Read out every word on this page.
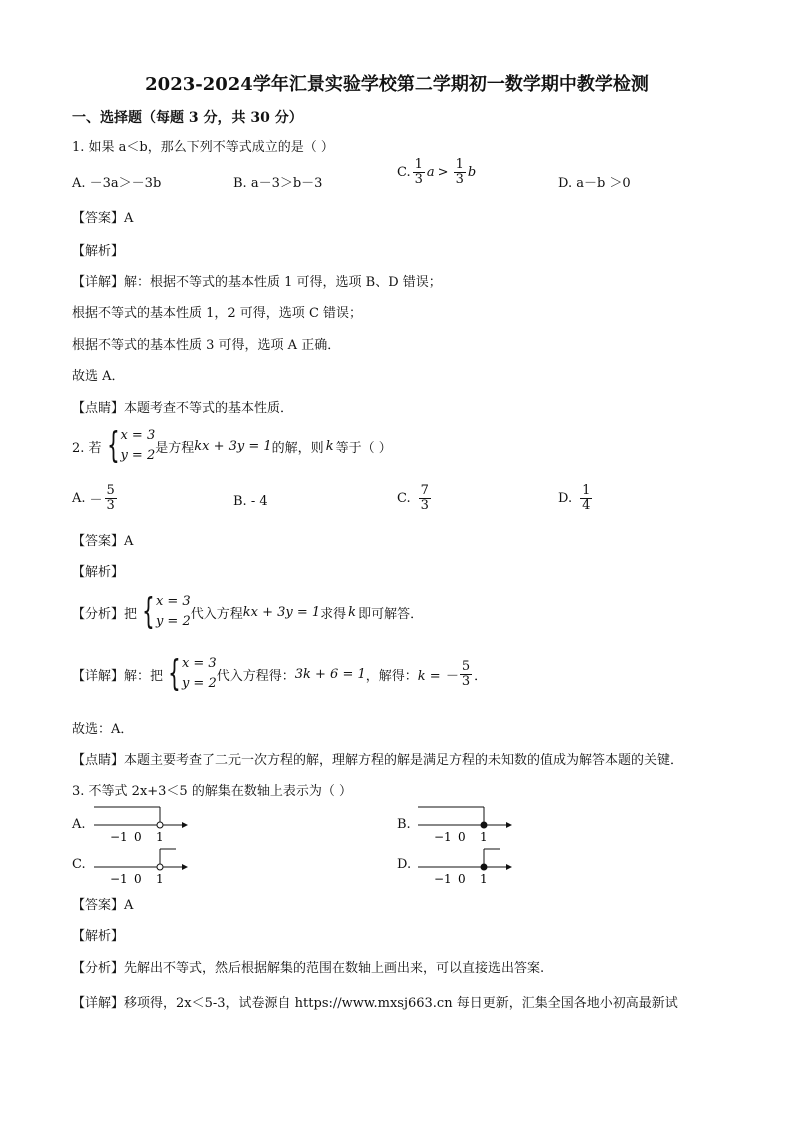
2023-2024学年汇景实验学校第二学期初一数学期中教学检测
一、选择题（每题 3 分，共 30 分）
1. 如果 a＜b，那么下列不等式成立的是（ ）
A. －3a＞－3b	B. a－3＞b－3
C. $\frac{1}{3}$ $a > \frac{1}{3}$ b
D. a－b ＞0
【答案】A
【解析】
【详解】解：根据不等式的基本性质 1 可得，选项 B、D 错误；
根据不等式的基本性质 1，2 可得，选项 C 错误；
根据不等式的基本性质 3 可得，选项 A 正确．
故选 A．
【点睛】本题考查不等式的基本性质．
2. 若 { x = 3
y = 2 是方程 kx + 3y = 1 的解，则 k 等于（ ）
A. － $\frac{5}{3}$	B. - 4	C. $\frac{7}{3}$	D. $\frac{1}{4}$
【答案】A
【解析】
【分析】 把 { x = 3
y = 2 代入方程 kx + 3y = 1 求得 k 即可解答．
【详解】 解：把 { x = 3
y = 2 代入方程得： 3k + 6 = 1 ，解得： k = － $\frac{5}{3}$ ．
故选：A．
【点睛】本题主要考查了二元一次方程的解，理解方程的解是满足方程的未知数的值成为解答本题的关键．
3. 不等式 2x+3＜5 的解集在数轴上表示为（ ）
A.	B.
C.	D.
−1 0 1	−1 0 1
−1 0 1	−1 0 1
【答案】A
【解析】
【分析】先解出不等式，然后根据解集的范围在数轴上画出来，可以直接选出答案.
【详解】移项得，2x＜5-3，试卷源自 https://www.mxsj663.cn 每日更新，汇集全国各地小初高最新试
